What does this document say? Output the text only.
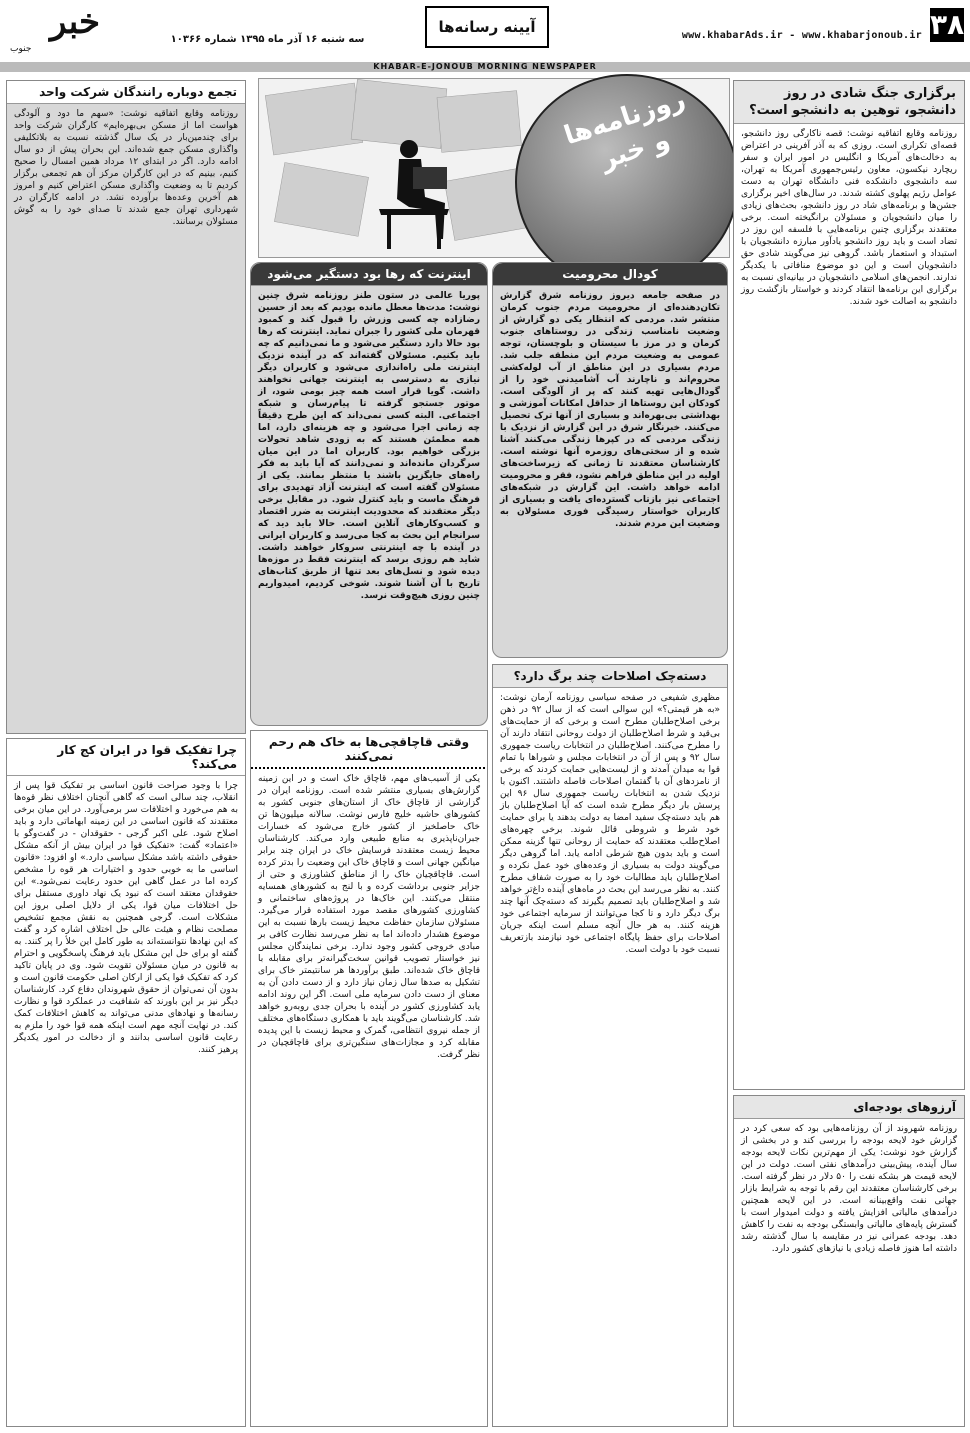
۳۸
www.khabarAds.ir - www.khabarjonoub.ir
آیینه رسانه‌ها
سه شنبه ۱۶ آذر ماه ۱۳۹۵ شماره ۱۰۳۶۶
خبر
جنوب
KHABAR-E-JONOUB MORNING NEWSPAPER
روزنامه‌ها و خبر
برگزاری جنگ شادی در روز دانشجو، توهین به دانشجو است؟
روزنامه وقایع اتفاقیه نوشت: قصه ناکارگی روز دانشجو، قصه‌ای تکراری است. روزی که به آذر آفرینی در اعتراض به دخالت‌های آمریکا و انگلیس در امور ایران و سفر ریچارد نیکسون، معاون رئیس‌جمهوری آمریکا به تهران، سه دانشجوی دانشکده فنی دانشگاه تهران به دست عوامل رژیم پهلوی کشته شدند. در سال‌های اخیر برگزاری جشن‌ها و برنامه‌های شاد در روز دانشجو، بحث‌های زیادی را میان دانشجویان و مسئولان برانگیخته است. برخی معتقدند برگزاری چنین برنامه‌هایی با فلسفه این روز در تضاد است و باید روز دانشجو یادآور مبارزه دانشجویان با استبداد و استعمار باشد. گروهی نیز می‌گویند شادی حق دانشجویان است و این دو موضوع منافاتی با یکدیگر ندارند. انجمن‌های اسلامی دانشجویان در بیانیه‌ای نسبت به برگزاری این برنامه‌ها انتقاد کردند و خواستار بازگشت روز دانشجو به اصالت خود شدند.
آرزوهای بودجه‌ای
روزنامه شهروند از آن روزنامه‌هایی بود که سعی کرد در گزارش خود لایحه بودجه را بررسی کند و در بخشی از گزارش خود نوشت: یکی از مهم‌ترین نکات لایحه بودجه سال آینده، پیش‌بینی درآمدهای نفتی است. دولت در این لایحه قیمت هر بشکه نفت را ۵۰ دلار در نظر گرفته است. برخی کارشناسان معتقدند این رقم با توجه به شرایط بازار جهانی نفت واقع‌بینانه است. در این لایحه همچنین درآمدهای مالیاتی افزایش یافته و دولت امیدوار است با گسترش پایه‌های مالیاتی وابستگی بودجه به نفت را کاهش دهد. بودجه عمرانی نیز در مقایسه با سال گذشته رشد داشته اما هنوز فاصله زیادی با نیازهای کشور دارد.
کودال محرومیت
در صفحه جامعه دیروز روزنامه شرق گزارش تکان‌دهنده‌ای از محرومیت مردم جنوب کرمان منتشر شد. مردمی که انتظار یکی دو گزارش از وضعیت نامناسب زندگی در روستاهای جنوب کرمان و در مرز با سیستان و بلوچستان، توجه عمومی به وضعیت مردم این منطقه جلب شد. مردم بسیاری در این مناطق از آب لوله‌کشی محروم‌اند و ناچارند آب آشامیدنی خود را از گودال‌هایی تهیه کنند که پر از آلودگی است. کودکان این روستاها از حداقل امکانات آموزشی و بهداشتی بی‌بهره‌اند و بسیاری از آنها ترک تحصیل می‌کنند. خبرنگار شرق در این گزارش از نزدیک با زندگی مردمی که در کپرها زندگی می‌کنند آشنا شده و از سختی‌های روزمره آنها نوشته است. کارشناسان معتقدند تا زمانی که زیرساخت‌های اولیه در این مناطق فراهم نشود، فقر و محرومیت ادامه خواهد داشت. این گزارش در شبکه‌های اجتماعی نیز بازتاب گسترده‌ای یافت و بسیاری از کاربران خواستار رسیدگی فوری مسئولان به وضعیت این مردم شدند.
اینترنت که رها بود دستگیر می‌شود
پوریا عالمی در ستون طنز روزنامه شرق چنین نوشت: مدت‌ها معطل مانده بودیم که بعد از حسین رضازاده چه کسی وزرش را قبول کند و کمبود قهرمان ملی کشور را جبران نماید. اینترنت که رها بود حالا دارد دستگیر می‌شود و ما نمی‌دانیم که چه باید بکنیم. مسئولان گفته‌اند که در آینده نزدیک اینترنت ملی راه‌اندازی می‌شود و کاربران دیگر نیازی به دسترسی به اینترنت جهانی نخواهند داشت. گویا قرار است همه چیز بومی شود، از موتور جستجو گرفته تا پیام‌رسان و شبکه اجتماعی. البته کسی نمی‌داند که این طرح دقیقاً چه زمانی اجرا می‌شود و چه هزینه‌ای دارد، اما همه مطمئن هستند که به زودی شاهد تحولات بزرگی خواهیم بود. کاربران اما در این میان سرگردان مانده‌اند و نمی‌دانند که آیا باید به فکر راه‌های جایگزین باشند یا منتظر بمانند. یکی از مسئولان گفته است که اینترنت آزاد تهدیدی برای فرهنگ ماست و باید کنترل شود. در مقابل برخی دیگر معتقدند که محدودیت اینترنت به ضرر اقتصاد و کسب‌وکارهای آنلاین است. حالا باید دید که سرانجام این بحث به کجا می‌رسد و کاربران ایرانی در آینده با چه اینترنتی سروکار خواهند داشت. شاید هم روزی برسد که اینترنت فقط در موزه‌ها دیده شود و نسل‌های بعد تنها از طریق کتاب‌های تاریخ با آن آشنا شوند. شوخی کردیم، امیدواریم چنین روزی هیچ‌وقت نرسد.
دسته‌چک اصلاحات چند برگ دارد؟
مظهری شفیعی در صفحه سیاسی روزنامه آرمان نوشت: «به هر قیمتی؟» این سوالی است که از سال ۹۲ در ذهن برخی اصلاح‌طلبان مطرح است و برخی که از حمایت‌های بی‌قید و شرط اصلاح‌طلبان از دولت روحانی انتقاد دارند آن را مطرح می‌کنند. اصلاح‌طلبان در انتخابات ریاست جمهوری سال ۹۲ و پس از آن در انتخابات مجلس و شوراها با تمام قوا به میدان آمدند و از لیست‌هایی حمایت کردند که برخی از نامزدهای آن با گفتمان اصلاحات فاصله داشتند. اکنون با نزدیک شدن به انتخابات ریاست جمهوری سال ۹۶ این پرسش بار دیگر مطرح شده است که آیا اصلاح‌طلبان باز هم باید دسته‌چک سفید امضا به دولت بدهند یا برای حمایت خود شرط و شروطی قائل شوند. برخی چهره‌های اصلاح‌طلب معتقدند که حمایت از روحانی تنها گزینه ممکن است و باید بدون هیچ شرطی ادامه یابد. اما گروهی دیگر می‌گویند دولت به بسیاری از وعده‌های خود عمل نکرده و اصلاح‌طلبان باید مطالبات خود را به صورت شفاف مطرح کنند. به نظر می‌رسد این بحث در ماه‌های آینده داغ‌تر خواهد شد و اصلاح‌طلبان باید تصمیم بگیرند که دسته‌چک آنها چند برگ دیگر دارد و تا کجا می‌توانند از سرمایه اجتماعی خود هزینه کنند. به هر حال آنچه مسلم است اینکه جریان اصلاحات برای حفظ پایگاه اجتماعی خود نیازمند بازتعریف نسبت خود با دولت است.
وقتی قاچاقچی‌ها به خاک هم رحم نمی‌کنند
یکی از آسیب‌های مهم، قاچاق خاک است و در این زمینه گزارش‌های بسیاری منتشر شده است. روزنامه ایران در گزارشی از قاچاق خاک از استان‌های جنوبی کشور به کشورهای حاشیه خلیج فارس نوشت. سالانه میلیون‌ها تن خاک حاصلخیز از کشور خارج می‌شود که خسارات جبران‌ناپذیری به منابع طبیعی وارد می‌کند. کارشناسان محیط زیست معتقدند فرسایش خاک در ایران چند برابر میانگین جهانی است و قاچاق خاک این وضعیت را بدتر کرده است. قاچاقچیان خاک را از مناطق کشاورزی و حتی از جزایر جنوبی برداشت کرده و با لنج به کشورهای همسایه منتقل می‌کنند. این خاک‌ها در پروژه‌های ساختمانی و کشاورزی کشورهای مقصد مورد استفاده قرار می‌گیرد. مسئولان سازمان حفاظت محیط زیست بارها نسبت به این موضوع هشدار داده‌اند اما به نظر می‌رسد نظارت کافی بر مبادی خروجی کشور وجود ندارد. برخی نمایندگان مجلس نیز خواستار تصویب قوانین سخت‌گیرانه‌تر برای مقابله با قاچاق خاک شده‌اند. طبق برآوردها هر سانتیمتر خاک برای تشکیل به صدها سال زمان نیاز دارد و از دست دادن آن به معنای از دست دادن سرمایه ملی است. اگر این روند ادامه یابد کشاورزی کشور در آینده با بحران جدی روبه‌رو خواهد شد. کارشناسان می‌گویند باید با همکاری دستگاه‌های مختلف از جمله نیروی انتظامی، گمرک و محیط زیست با این پدیده مقابله کرد و مجازات‌های سنگین‌تری برای قاچاقچیان در نظر گرفت.
تجمع دوباره رانندگان شرکت واحد
روزنامه وقایع اتفاقیه نوشت: «سهم ما دود و آلودگی هواست اما از مسکن بی‌بهره‌ایم» کارگران شرکت واحد برای چندمین‌بار در یک سال گذشته نسبت به بلاتکلیفی واگذاری مسکن جمع شده‌اند. این بحران پیش از دو سال ادامه دارد. اگر در ابتدای ۱۲ مرداد همین امسال را صحیح کنیم، بینیم که در این کارگران مرکز آن هم تجمعی برگزار کردیم تا به وضعیت واگذاری مسکن اعتراض کنیم و امروز هم آخرین وعده‌ها برآورده نشد. در ادامه کارگران در شهرداری تهران جمع شدند تا صدای خود را به گوش مسئولان برسانند.
چرا تفکیک قوا در ایران کج کار می‌کند؟
چرا با وجود صراحت قانون اساسی بر تفکیک قوا پس از انقلاب، چند سالی است که گاهی آنچنان اختلاف نظر قوه‌ها به هم می‌خورد و اختلافات سر برمی‌آورد. در این میان برخی معتقدند که قانون اساسی در این زمینه ابهاماتی دارد و باید اصلاح شود. علی اکبر گرجی - حقوقدان - در گفت‌وگو با «اعتماد» گفت: «تفکیک قوا در ایران بیش از آنکه مشکل حقوقی داشته باشد مشکل سیاسی دارد.» او افزود: «قانون اساسی ما به خوبی حدود و اختیارات هر قوه را مشخص کرده اما در عمل گاهی این حدود رعایت نمی‌شود.» این حقوقدان معتقد است که نبود یک نهاد داوری مستقل برای حل اختلافات میان قوا، یکی از دلایل اصلی بروز این مشکلات است. گرجی همچنین به نقش مجمع تشخیص مصلحت نظام و هیئت عالی حل اختلاف اشاره کرد و گفت که این نهادها نتوانسته‌اند به طور کامل این خلأ را پر کنند. به گفته او برای حل این مشکل باید فرهنگ پاسخگویی و احترام به قانون در میان مسئولان تقویت شود. وی در پایان تاکید کرد که تفکیک قوا یکی از ارکان اصلی حکومت قانون است و بدون آن نمی‌توان از حقوق شهروندان دفاع کرد. کارشناسان دیگر نیز بر این باورند که شفافیت در عملکرد قوا و نظارت رسانه‌ها و نهادهای مدنی می‌تواند به کاهش اختلافات کمک کند. در نهایت آنچه مهم است اینکه همه قوا خود را ملزم به رعایت قانون اساسی بدانند و از دخالت در امور یکدیگر پرهیز کنند.
